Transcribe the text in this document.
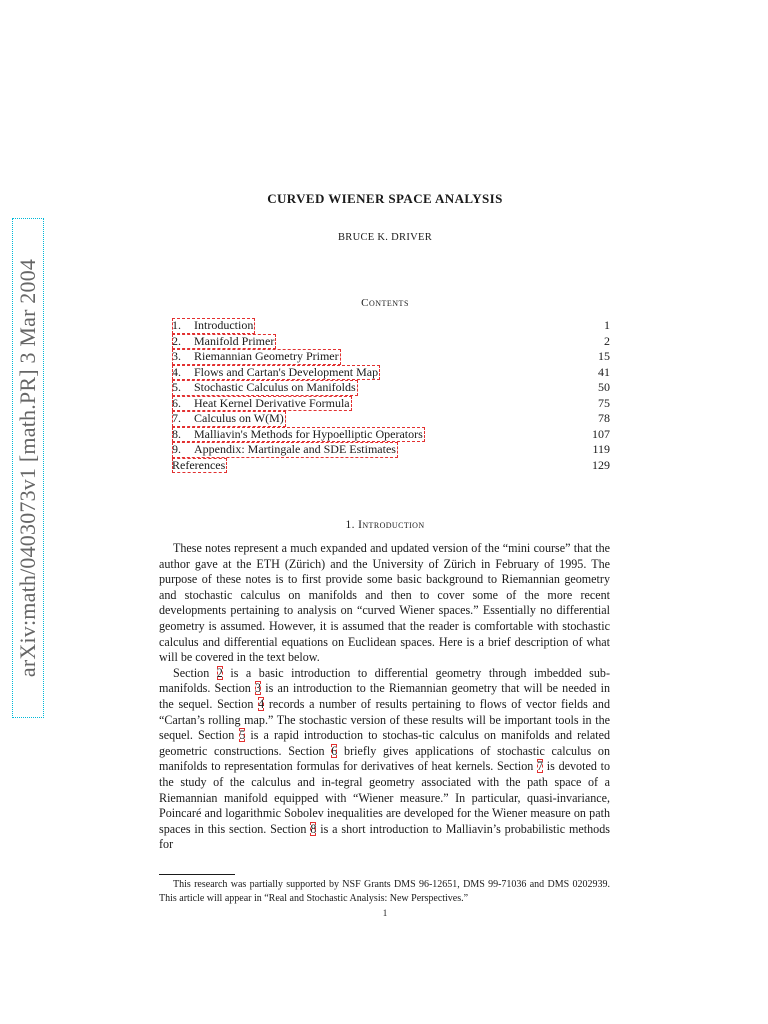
arXiv:math/0403073v1 [math.PR] 3 Mar 2004
CURVED WIENER SPACE ANALYSIS
BRUCE K. DRIVER
Contents
1. Introduction	1
2. Manifold Primer	2
3. Riemannian Geometry Primer	15
4. Flows and Cartan's Development Map	41
5. Stochastic Calculus on Manifolds	50
6. Heat Kernel Derivative Formula	75
7. Calculus on W(M)	78
8. Malliavin's Methods for Hypoelliptic Operators	107
9. Appendix: Martingale and SDE Estimates	119
References	129
1. Introduction

These notes represent a much expanded and updated version of the “mini course” that the author gave at the ETH (Zürich) and the University of Zürich in February of 1995. The purpose of these notes is to first provide some basic background to Riemannian geometry and stochastic calculus on manifolds and then to cover some of the more recent developments pertaining to analysis on “curved Wiener spaces.” Essentially no differential geometry is assumed. However, it is assumed that the reader is comfortable with stochastic calculus and differential equations on Euclidean spaces. Here is a brief description of what will be covered in the text below.

Section 2 is a basic introduction to differential geometry through imbedded sub-manifolds. Section 3 is an introduction to the Riemannian geometry that will be needed in the sequel. Section 4 records a number of results pertaining to flows of vector fields and “Cartan’s rolling map.” The stochastic version of these results will be important tools in the sequel. Section 5 is a rapid introduction to stochas-tic calculus on manifolds and related geometric constructions. Section 6 briefly gives applications of stochastic calculus on manifolds to representation formulas for derivatives of heat kernels. Section 7 is devoted to the study of the calculus and in-tegral geometry associated with the path space of a Riemannian manifold equipped with “Wiener measure.” In particular, quasi-invariance, Poincaré and logarithmic Sobolev inequalities are developed for the Wiener measure on path spaces in this section. Section 8 is a short introduction to Malliavin’s probabilistic methods for

This research was partially supported by NSF Grants DMS 96-12651, DMS 99-71036 and DMS 0202939. This article will appear in “Real and Stochastic Analysis: New Perspectives.”

1
